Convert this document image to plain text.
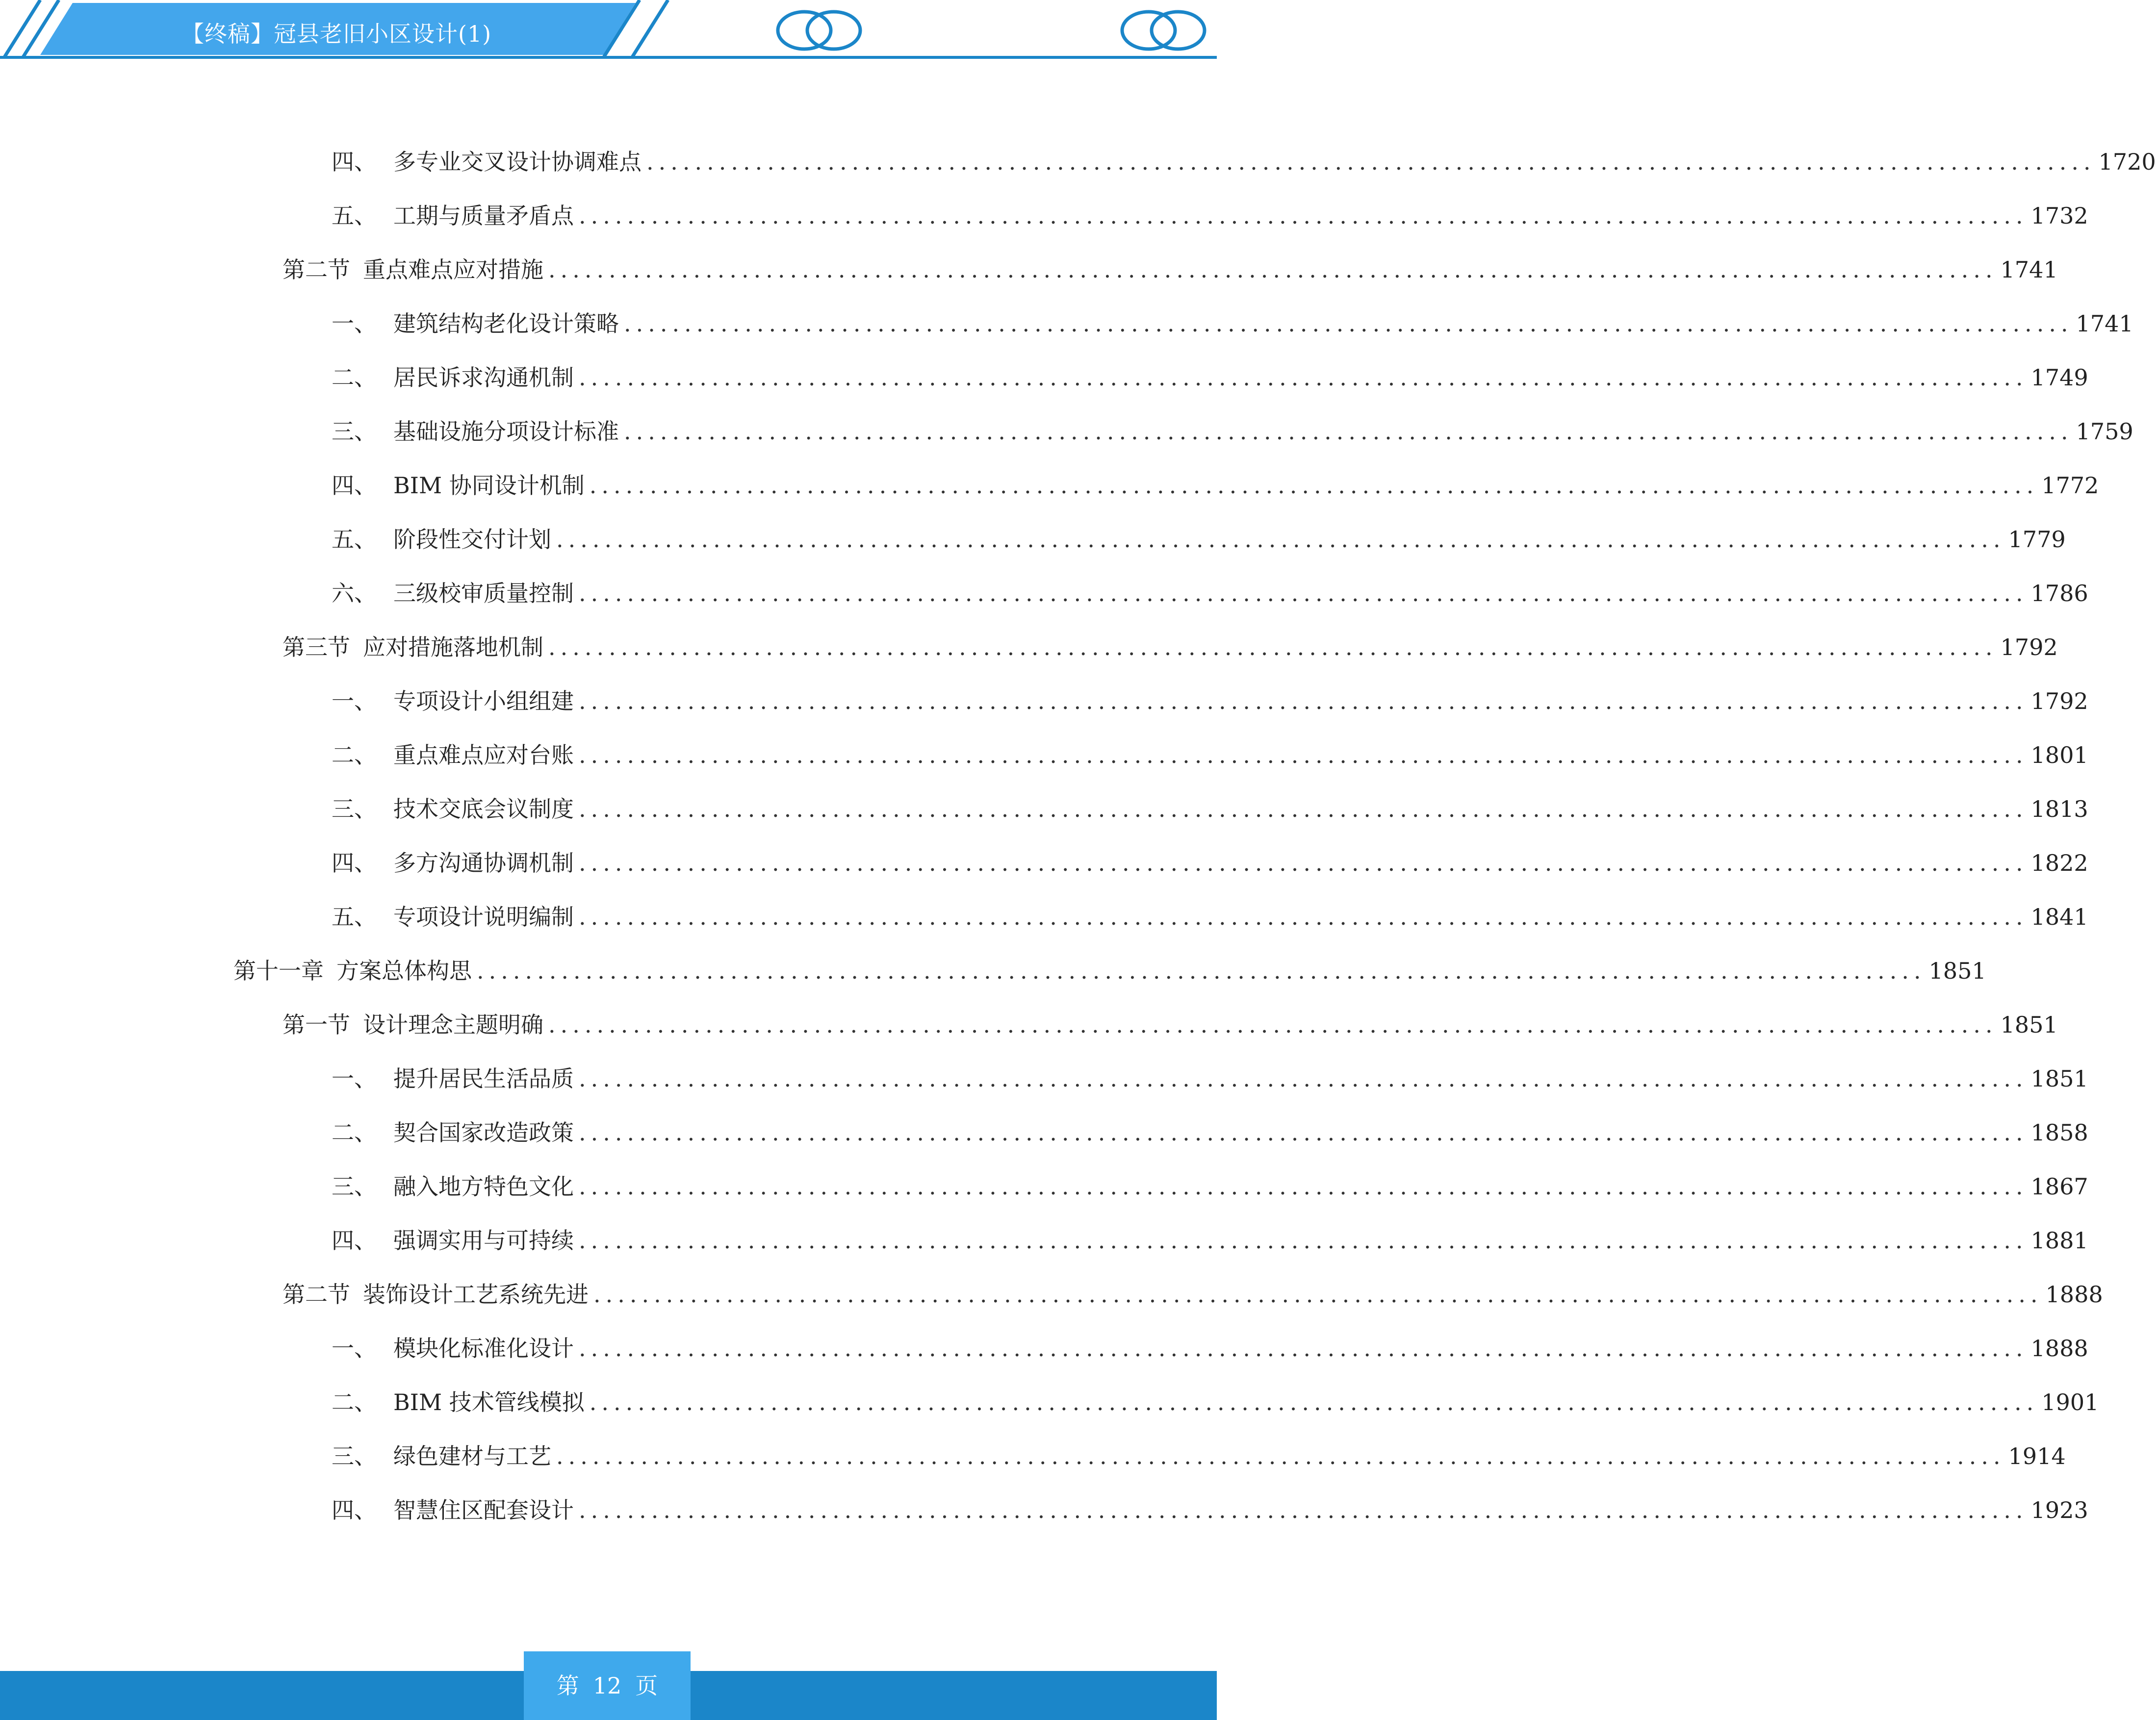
【终稿】冠县老旧小区设计(1)
四、 多专业交叉设计协调难点 ........................................................................................................................ 1720
五、 工期与质量矛盾点 ........................................................................................................................ 1732
第二节 重点难点应对措施 ........................................................................................................................ 1741
一、 建筑结构老化设计策略 ........................................................................................................................ 1741
二、 居民诉求沟通机制 ........................................................................................................................ 1749
三、 基础设施分项设计标准 ........................................................................................................................ 1759
四、 BIM 协同设计机制 ........................................................................................................................ 1772
五、 阶段性交付计划 ........................................................................................................................ 1779
六、 三级校审质量控制 ........................................................................................................................ 1786
第三节 应对措施落地机制 ........................................................................................................................ 1792
一、 专项设计小组组建 ........................................................................................................................ 1792
二、 重点难点应对台账 ........................................................................................................................ 1801
三、 技术交底会议制度 ........................................................................................................................ 1813
四、 多方沟通协调机制 ........................................................................................................................ 1822
五、 专项设计说明编制 ........................................................................................................................ 1841
第十一章 方案总体构思 ........................................................................................................................ 1851
第一节 设计理念主题明确 ........................................................................................................................ 1851
一、 提升居民生活品质 ........................................................................................................................ 1851
二、 契合国家改造政策 ........................................................................................................................ 1858
三、 融入地方特色文化 ........................................................................................................................ 1867
四、 强调实用与可持续 ........................................................................................................................ 1881
第二节 装饰设计工艺系统先进 ........................................................................................................................ 1888
一、 模块化标准化设计 ........................................................................................................................ 1888
二、 BIM 技术管线模拟 ........................................................................................................................ 1901
三、 绿色建材与工艺 ........................................................................................................................ 1914
四、 智慧住区配套设计 ........................................................................................................................ 1923
第 12 页
